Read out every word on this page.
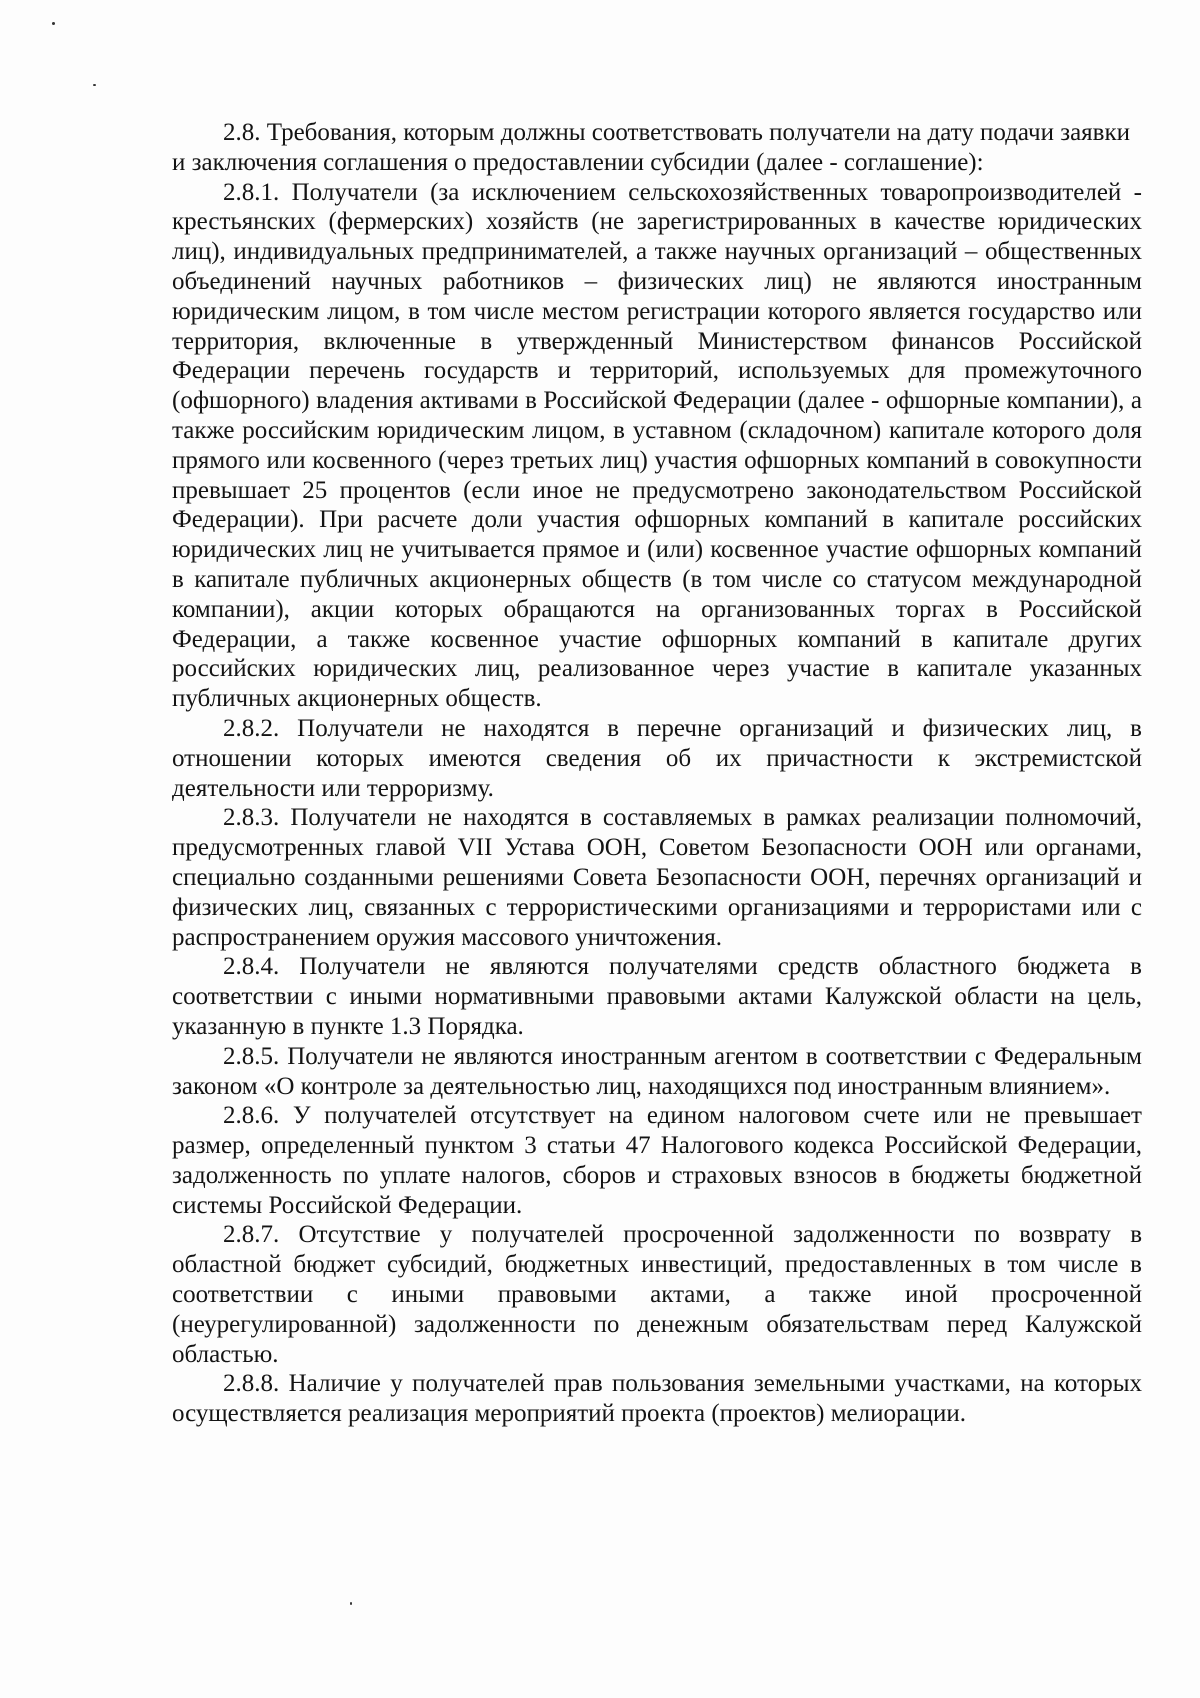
2.8. Требования, которым должны соответствовать получатели на дату подачи заявки и заключения соглашения о предоставлении субсидии (далее - соглашение):

2.8.1. Получатели (за исключением сельскохозяйственных товаропроизводителей - крестьянских (фермерских) хозяйств (не зарегистрированных в качестве юридических лиц), индивидуальных предпринимателей, а также научных организаций – общественных объединений научных работников – физических лиц) не являются иностранным юридическим лицом, в том числе местом регистрации которого является государство или территория, включенные в утвержденный Министерством финансов Российской Федерации перечень государств и территорий, используемых для промежуточного (офшорного) владения активами в Российской Федерации (далее - офшорные компании), а также российским юридическим лицом, в уставном (складочном) капитале которого доля прямого или косвенного (через третьих лиц) участия офшорных компаний в совокупности превышает 25 процентов (если иное не предусмотрено законодательством Российской Федерации). При расчете доли участия офшорных компаний в капитале российских юридических лиц не учитывается прямое и (или) косвенное участие офшорных компаний в капитале публичных акционерных обществ (в том числе со статусом международной компании), акции которых обращаются на организованных торгах в Российской Федерации, а также косвенное участие офшорных компаний в капитале других российских юридических лиц, реализованное через участие в капитале указанных публичных акционерных обществ.

2.8.2. Получатели не находятся в перечне организаций и физических лиц, в отношении которых имеются сведения об их причастности к экстремистской деятельности или терроризму.

2.8.3. Получатели не находятся в составляемых в рамках реализации полномочий, предусмотренных главой VII Устава ООН, Советом Безопасности ООН или органами, специально созданными решениями Совета Безопасности ООН, перечнях организаций и физических лиц, связанных с террористическими организациями и террористами или с распространением оружия массового уничтожения.

2.8.4. Получатели не являются получателями средств областного бюджета в соответствии с иными нормативными правовыми актами Калужской области на цель, указанную в пункте 1.3 Порядка.

2.8.5. Получатели не являются иностранным агентом в соответствии с Федеральным законом «О контроле за деятельностью лиц, находящихся под иностранным влиянием».

2.8.6. У получателей отсутствует на едином налоговом счете или не превышает размер, определенный пунктом 3 статьи 47 Налогового кодекса Российской Федерации, задолженность по уплате налогов, сборов и страховых взносов в бюджеты бюджетной системы Российской Федерации.

2.8.7. Отсутствие у получателей просроченной задолженности по возврату в областной бюджет субсидий, бюджетных инвестиций, предоставленных в том числе в соответствии с иными правовыми актами, а также иной просроченной (неурегулированной) задолженности по денежным обязательствам перед Калужской областью.

2.8.8. Наличие у получателей прав пользования земельными участками, на которых осуществляется реализация мероприятий проекта (проектов) мелиорации.
